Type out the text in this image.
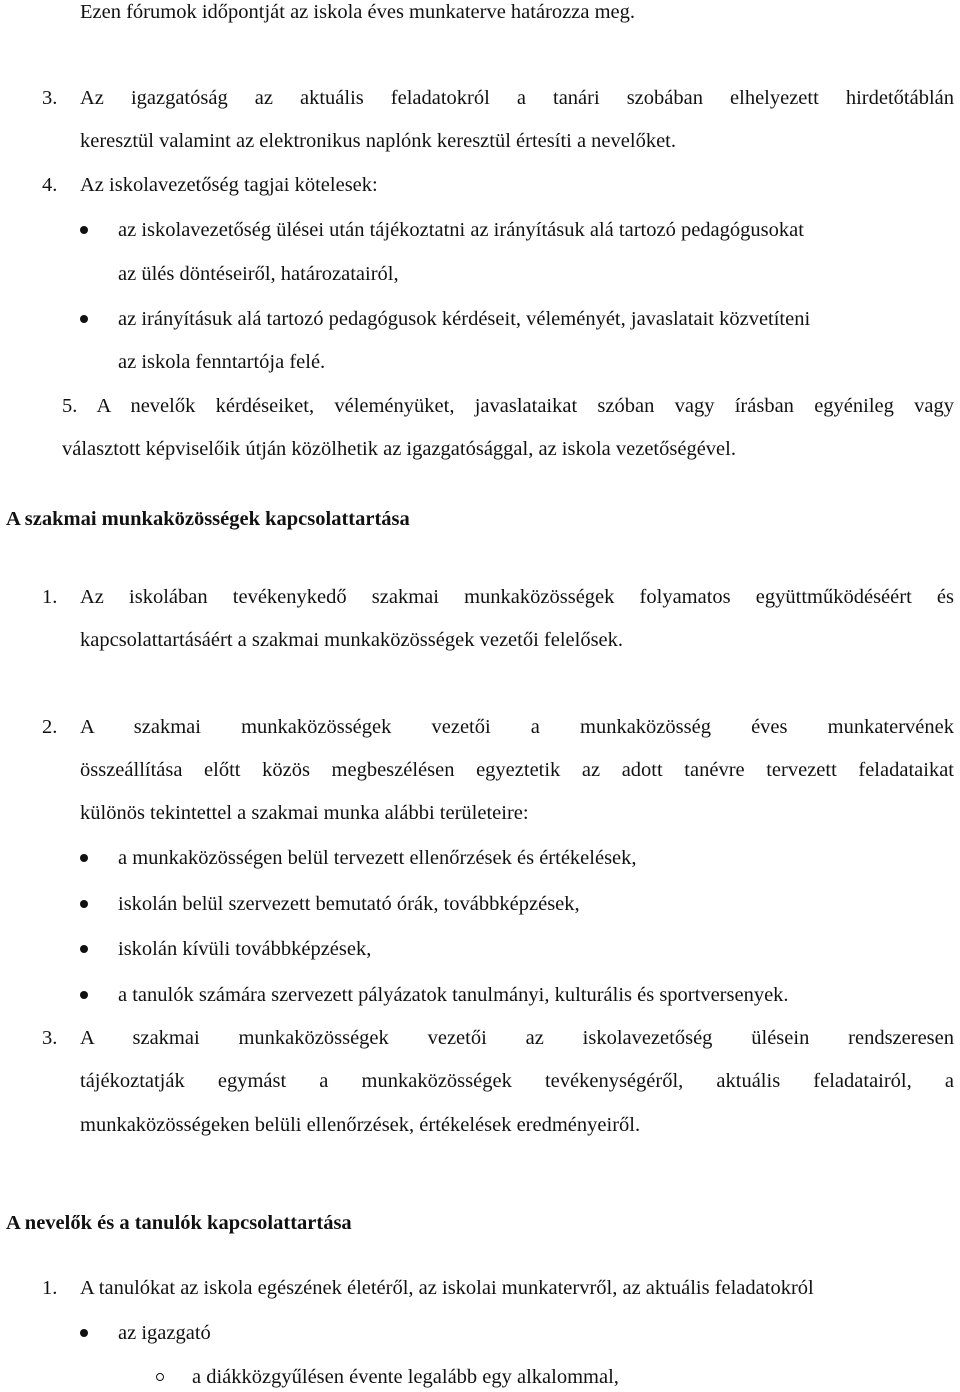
Ezen fórumok időpontját az iskola éves munkaterve határozza meg.
3. Az igazgatóság az aktuális feladatokról a tanári szobában elhelyezett hirdetőtáblán
keresztül valamint az elektronikus naplónk keresztül értesíti a nevelőket.
4. Az iskolavezetőség tagjai kötelesek:
az iskolavezetőség ülései után tájékoztatni az irányításuk alá tartozó pedagógusokat
az ülés döntéseiről, határozatairól,
az irányításuk alá tartozó pedagógusok kérdéseit, véleményét, javaslatait közvetíteni
az iskola fenntartója felé.
5. A nevelők kérdéseiket, véleményüket, javaslataikat szóban vagy írásban egyénileg vagy
választott képviselőik útján közölhetik az igazgatósággal, az iskola vezetőségével.
A szakmai munkaközösségek kapcsolattartása
1. Az iskolában tevékenykedő szakmai munkaközösségek folyamatos együttműködéséért és
kapcsolattartásáért a szakmai munkaközösségek vezetői felelősek.
2. A szakmai munkaközösségek vezetői a munkaközösség éves munkatervének
összeállítása előtt közös megbeszélésen egyeztetik az adott tanévre tervezett feladataikat
különös tekintettel a szakmai munka alábbi területeire:
a munkaközösségen belül tervezett ellenőrzések és értékelések,
iskolán belül szervezett bemutató órák, továbbképzések,
iskolán kívüli továbbképzések,
a tanulók számára szervezett pályázatok tanulmányi, kulturális és sportversenyek.
3. A szakmai munkaközösségek vezetői az iskolavezetőség ülésein rendszeresen
tájékoztatják egymást a munkaközösségek tevékenységéről, aktuális feladatairól, a
munkaközösségeken belüli ellenőrzések, értékelések eredményeiről.
A nevelők és a tanulók kapcsolattartása
1. A tanulókat az iskola egészének életéről, az iskolai munkatervről, az aktuális feladatokról
az igazgató
a diákközgyűlésen évente legalább egy alkalommal,
